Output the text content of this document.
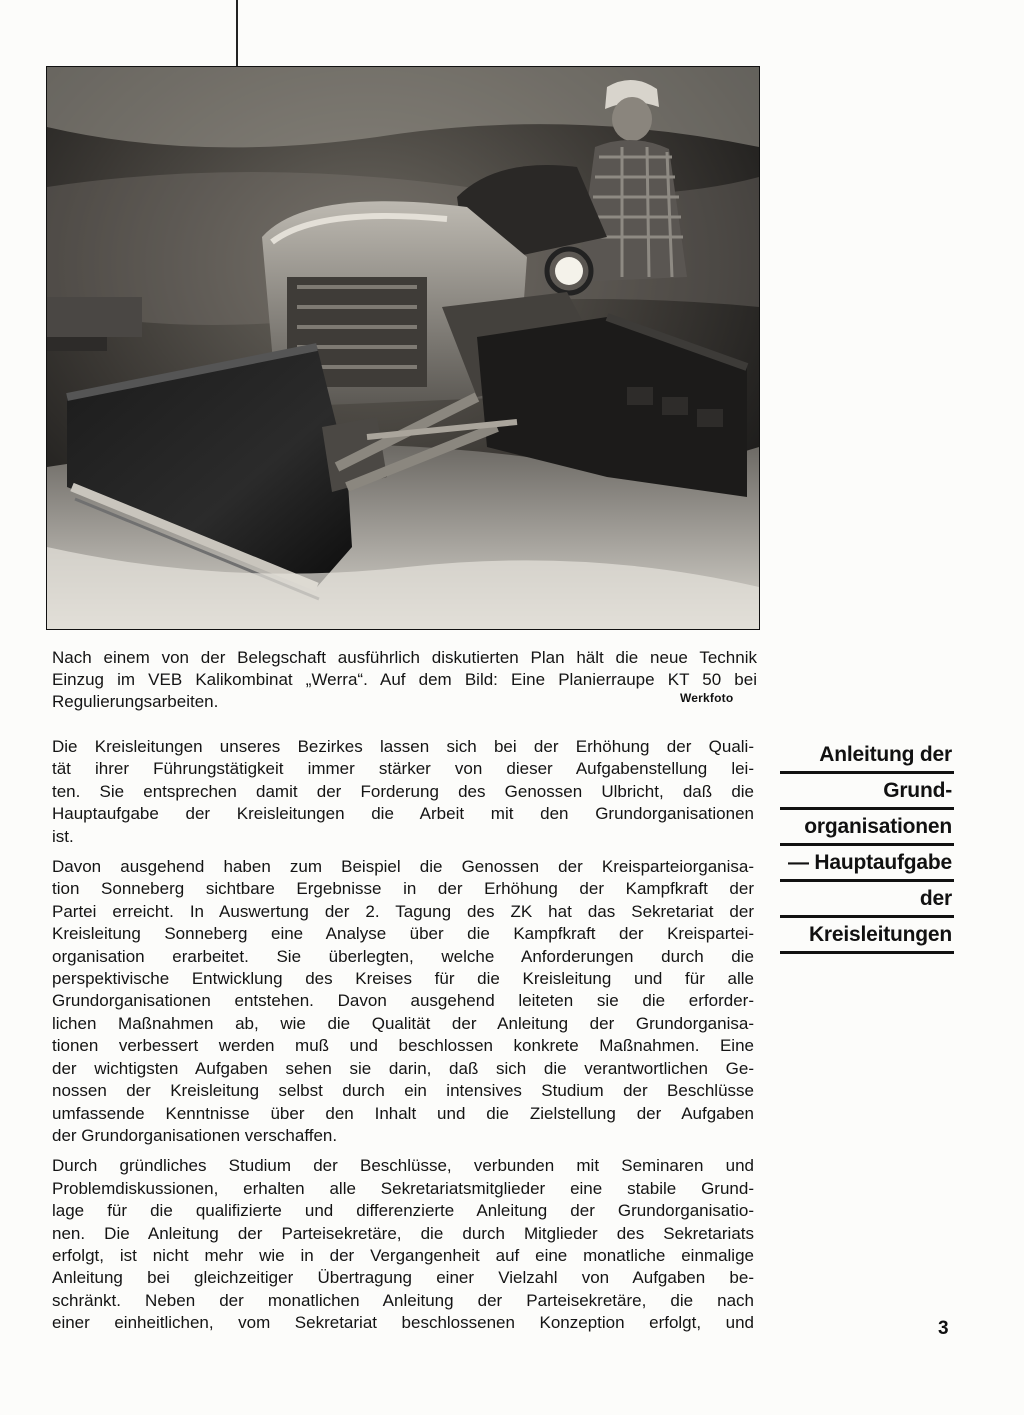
Nach einem von der Belegschaft ausführlich diskutierten Plan hält die neue Technik
Einzug im VEB Kalikombinat „Werra“. Auf dem Bild: Eine Planierraupe KT 50 bei
Regulierungsarbeiten.	Werkfoto
Anleitung der
Grund-
organisationen
— Hauptaufgabe
der
Kreisleitungen
Die Kreisleitungen unseres Bezirkes lassen sich bei der Erhöhung der Quali-
tät ihrer Führungstätigkeit immer stärker von dieser Aufgabenstellung lei-
ten. Sie entsprechen damit der Forderung des Genossen Ulbricht, daß die
Hauptaufgabe der Kreisleitungen die Arbeit mit den Grundorganisationen
ist.
Davon ausgehend haben zum Beispiel die Genossen der Kreisparteiorganisa-
tion Sonneberg sichtbare Ergebnisse in der Erhöhung der Kampfkraft der
Partei erreicht. In Auswertung der 2. Tagung des ZK hat das Sekretariat der
Kreisleitung Sonneberg eine Analyse über die Kampfkraft der Kreispartei-
organisation erarbeitet. Sie überlegten, welche Anforderungen durch die
perspektivische Entwicklung des Kreises für die Kreisleitung und für alle
Grundorganisationen entstehen. Davon ausgehend leiteten sie die erforder-
lichen Maßnahmen ab, wie die Qualität der Anleitung der Grundorganisa-
tionen verbessert werden muß und beschlossen konkrete Maßnahmen. Eine
der wichtigsten Aufgaben sehen sie darin, daß sich die verantwortlichen Ge-
nossen der Kreisleitung selbst durch ein intensives Studium der Beschlüsse
umfassende Kenntnisse über den Inhalt und die Zielstellung der Aufgaben
der Grundorganisationen verschaffen.
Durch gründliches Studium der Beschlüsse, verbunden mit Seminaren und
Problemdiskussionen, erhalten alle Sekretariatsmitglieder eine stabile Grund-
lage für die qualifizierte und differenzierte Anleitung der Grundorganisatio-
nen. Die Anleitung der Parteisekretäre, die durch Mitglieder des Sekretariats
erfolgt, ist nicht mehr wie in der Vergangenheit auf eine monatliche einmalige
Anleitung bei gleichzeitiger Übertragung einer Vielzahl von Aufgaben be-
schränkt. Neben der monatlichen Anleitung der Parteisekretäre, die nach
einer einheitlichen, vom Sekretariat beschlossenen Konzeption erfolgt, und	3
